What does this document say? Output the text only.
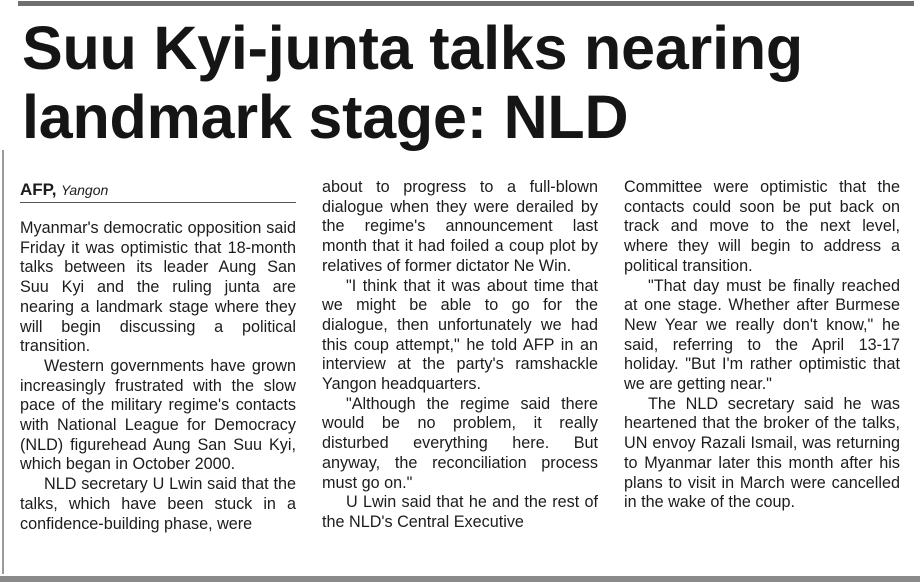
Suu Kyi-junta talks nearing landmark stage: NLD
AFP, Yangon

Myanmar's democratic opposition said Friday it was optimistic that 18-month talks between its leader Aung San Suu Kyi and the ruling junta are nearing a landmark stage where they will begin discussing a political transition.

Western governments have grown increasingly frustrated with the slow pace of the military regime's contacts with National League for Democracy (NLD) figurehead Aung San Suu Kyi, which began in October 2000.

NLD secretary U Lwin said that the talks, which have been stuck in a confidence-building phase, were

about to progress to a full-blown dialogue when they were derailed by the regime's announcement last month that it had foiled a coup plot by relatives of former dictator Ne Win.

"I think that it was about time that we might be able to go for the dialogue, then unfortunately we had this coup attempt," he told AFP in an interview at the party's ramshackle Yangon headquarters.

"Although the regime said there would be no problem, it really disturbed everything here. But anyway, the reconciliation process must go on."

U Lwin said that he and the rest of the NLD's Central Executive

Committee were optimistic that the contacts could soon be put back on track and move to the next level, where they will begin to address a political transition.

"That day must be finally reached at one stage. Whether after Burmese New Year we really don't know," he said, referring to the April 13-17 holiday. "But I'm rather optimistic that we are getting near."

The NLD secretary said he was heartened that the broker of the talks, UN envoy Razali Ismail, was returning to Myanmar later this month after his plans to visit in March were cancelled in the wake of the coup.
